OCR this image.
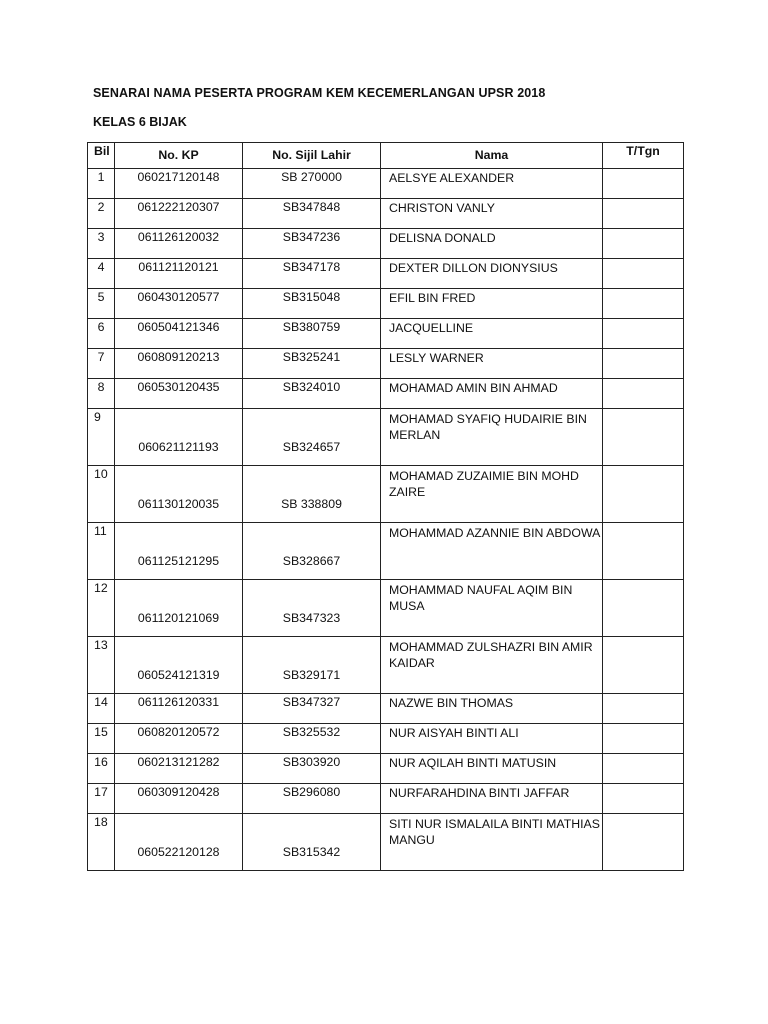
SENARAI NAMA PESERTA PROGRAM KEM KECEMERLANGAN UPSR 2018
KELAS 6 BIJAK
Bil	No. KP	No. Sijil Lahir	Nama	T/Tgn
1	060217120148	SB 270000	AELSYE ALEXANDER	
2	061222120307	SB347848	CHRISTON VANLY	
3	061126120032	SB347236	DELISNA DONALD	
4	061121120121	SB347178	DEXTER DILLON DIONYSIUS	
5	060430120577	SB315048	EFIL BIN FRED	
6	060504121346	SB380759	JACQUELLINE	
7	060809120213	SB325241	LESLY WARNER	
8	060530120435	SB324010	MOHAMAD AMIN BIN AHMAD	
9	060621121193	SB324657	MOHAMAD SYAFIQ HUDAIRIE BIN MERLAN	
10	061130120035	SB 338809	MOHAMAD ZUZAIMIE BIN MOHD ZAIRE	
11	061125121295	SB328667	MOHAMMAD AZANNIE BIN ABDOWA	
12	061120121069	SB347323	MOHAMMAD NAUFAL AQIM BIN MUSA	
13	060524121319	SB329171	MOHAMMAD ZULSHAZRI BIN AMIR KAIDAR	
14	061126120331	SB347327	NAZWE BIN THOMAS	
15	060820120572	SB325532	NUR AISYAH BINTI ALI	
16	060213121282	SB303920	NUR AQILAH BINTI MATUSIN	
17	060309120428	SB296080	NURFARAHDINA BINTI JAFFAR	
18	060522120128	SB315342	SITI NUR ISMALAILA BINTI MATHIAS MANGU	
